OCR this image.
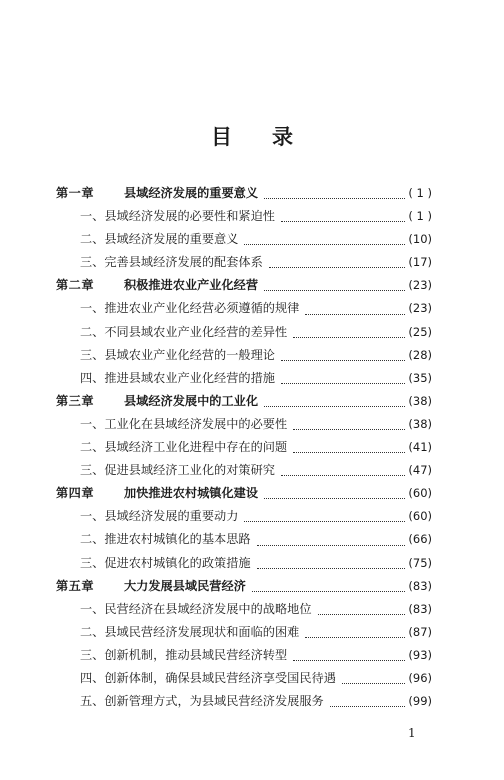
目录
第一章	县域经济发展的重要意义	( 1 )
一、县域经济发展的必要性和紧迫性	( 1 )
二、县域经济发展的重要意义	(10)
三、完善县域经济发展的配套体系	(17)
第二章	积极推进农业产业化经营	(23)
一、推进农业产业化经营必须遵循的规律	(23)
二、不同县域农业产业化经营的差异性	(25)
三、县域农业产业化经营的一般理论	(28)
四、推进县域农业产业化经营的措施	(35)
第三章	县域经济发展中的工业化	(38)
一、工业化在县域经济发展中的必要性	(38)
二、县域经济工业化进程中存在的问题	(41)
三、促进县域经济工业化的对策研究	(47)
第四章	加快推进农村城镇化建设	(60)
一、县域经济发展的重要动力	(60)
二、推进农村城镇化的基本思路	(66)
三、促进农村城镇化的政策措施	(75)
第五章	大力发展县域民营经济	(83)
一、民营经济在县域经济发展中的战略地位	(83)
二、县域民营经济发展现状和面临的困难	(87)
三、创新机制，推动县域民营经济转型	(93)
四、创新体制，确保县域民营经济享受国民待遇	(96)
五、创新管理方式，为县域民营经济发展服务	(99)
1
